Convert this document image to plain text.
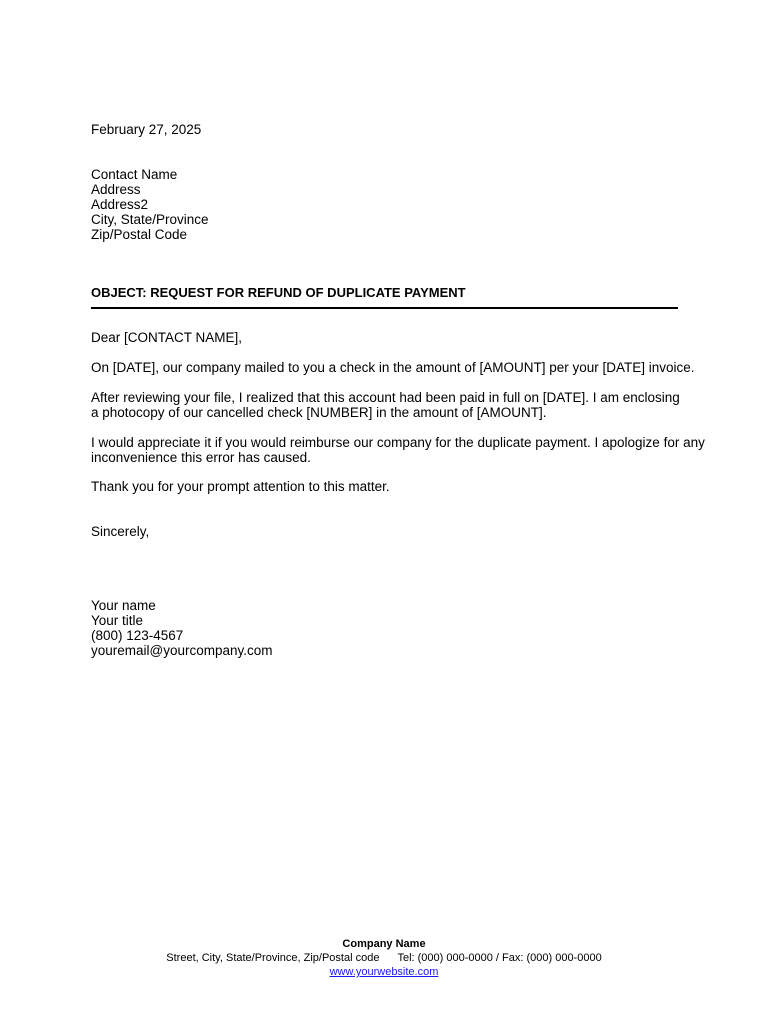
February 27, 2025
Contact Name
Address
Address2
City, State/Province
Zip/Postal Code
OBJECT: REQUEST FOR REFUND OF DUPLICATE PAYMENT
Dear [CONTACT NAME],
On [DATE], our company mailed to you a check in the amount of [AMOUNT] per your [DATE] invoice.
After reviewing your file, I realized that this account had been paid in full on [DATE]. I am enclosing
a photocopy of our cancelled check [NUMBER] in the amount of [AMOUNT].
I would appreciate it if you would reimburse our company for the duplicate payment. I apologize for any
inconvenience this error has caused.
Thank you for your prompt attention to this matter.
Sincerely,
Your name
Your title
(800) 123-4567
youremail@yourcompany.com
Company Name
Street, City, State/Province, Zip/Postal code Tel: (000) 000-0000 / Fax: (000) 000-0000
www.yourwebsite.com
